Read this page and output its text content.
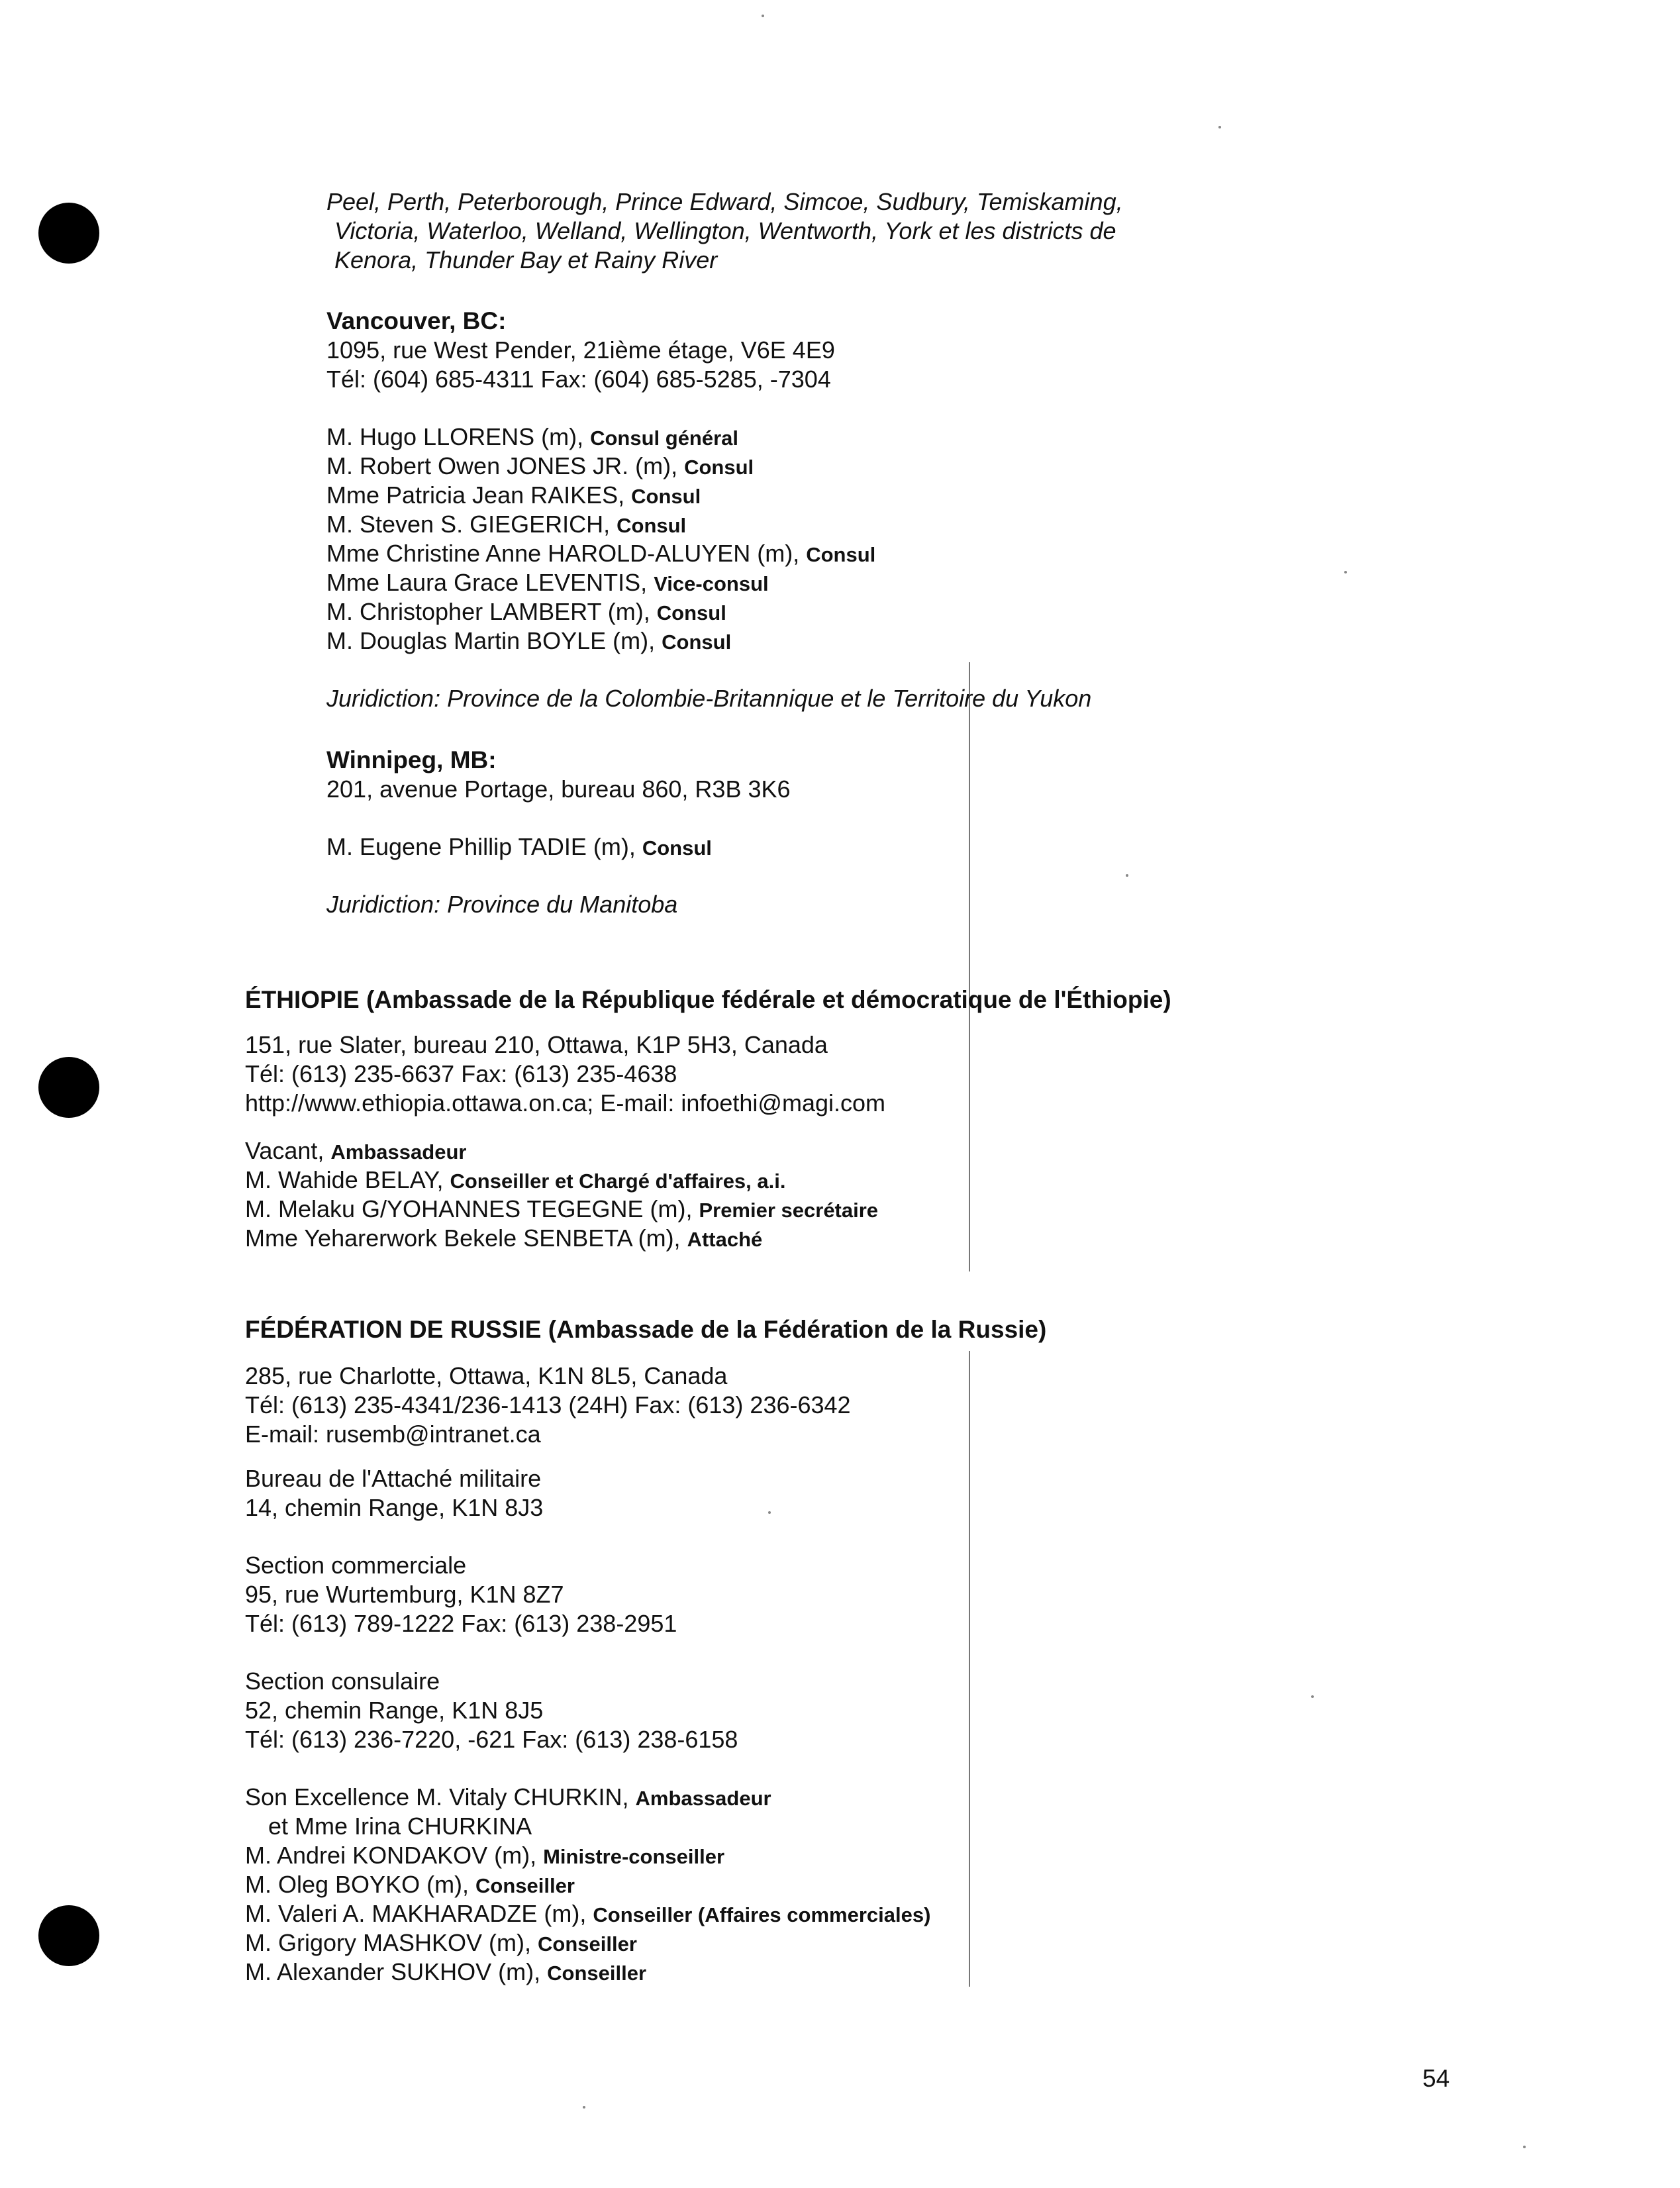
Peel, Perth, Peterborough, Prince Edward, Simcoe, Sudbury, Temiskaming,
Victoria, Waterloo, Welland, Wellington, Wentworth, York et les districts de
Kenora, Thunder Bay et Rainy River
Vancouver, BC:
1095, rue West Pender, 21ième étage, V6E 4E9
Tél: (604) 685-4311 Fax: (604) 685-5285, -7304
M. Hugo LLORENS (m), Consul général
M. Robert Owen JONES JR. (m), Consul
Mme Patricia Jean RAIKES, Consul
M. Steven S. GIEGERICH, Consul
Mme Christine Anne HAROLD-ALUYEN (m), Consul
Mme Laura Grace LEVENTIS, Vice-consul
M. Christopher LAMBERT (m), Consul
M. Douglas Martin BOYLE (m), Consul
Juridiction: Province de la Colombie-Britannique et le Territoire du Yukon
Winnipeg, MB:
201, avenue Portage, bureau 860, R3B 3K6
M. Eugene Phillip TADIE (m), Consul
Juridiction: Province du Manitoba
ÉTHIOPIE (Ambassade de la République fédérale et démocratique de l'Éthiopie)
151, rue Slater, bureau 210, Ottawa, K1P 5H3, Canada
Tél: (613) 235-6637 Fax: (613) 235-4638
http://www.ethiopia.ottawa.on.ca; E-mail: infoethi@magi.com
Vacant, Ambassadeur
M. Wahide BELAY, Conseiller et Chargé d'affaires, a.i.
M. Melaku G/YOHANNES TEGEGNE (m), Premier secrétaire
Mme Yeharerwork Bekele SENBETA (m), Attaché
FÉDÉRATION DE RUSSIE (Ambassade de la Fédération de la Russie)
285, rue Charlotte, Ottawa, K1N 8L5, Canada
Tél: (613) 235-4341/236-1413 (24H) Fax: (613) 236-6342
E-mail: rusemb@intranet.ca
Bureau de l'Attaché militaire
14, chemin Range, K1N 8J3
Section commerciale
95, rue Wurtemburg, K1N 8Z7
Tél: (613) 789-1222 Fax: (613) 238-2951
Section consulaire
52, chemin Range, K1N 8J5
Tél: (613) 236-7220, -621 Fax: (613) 238-6158
Son Excellence M. Vitaly CHURKIN, Ambassadeur
et Mme Irina CHURKINA
M. Andrei KONDAKOV (m), Ministre-conseiller
M. Oleg BOYKO (m), Conseiller
M. Valeri A. MAKHARADZE (m), Conseiller (Affaires commerciales)
M. Grigory MASHKOV (m), Conseiller
M. Alexander SUKHOV (m), Conseiller
54
